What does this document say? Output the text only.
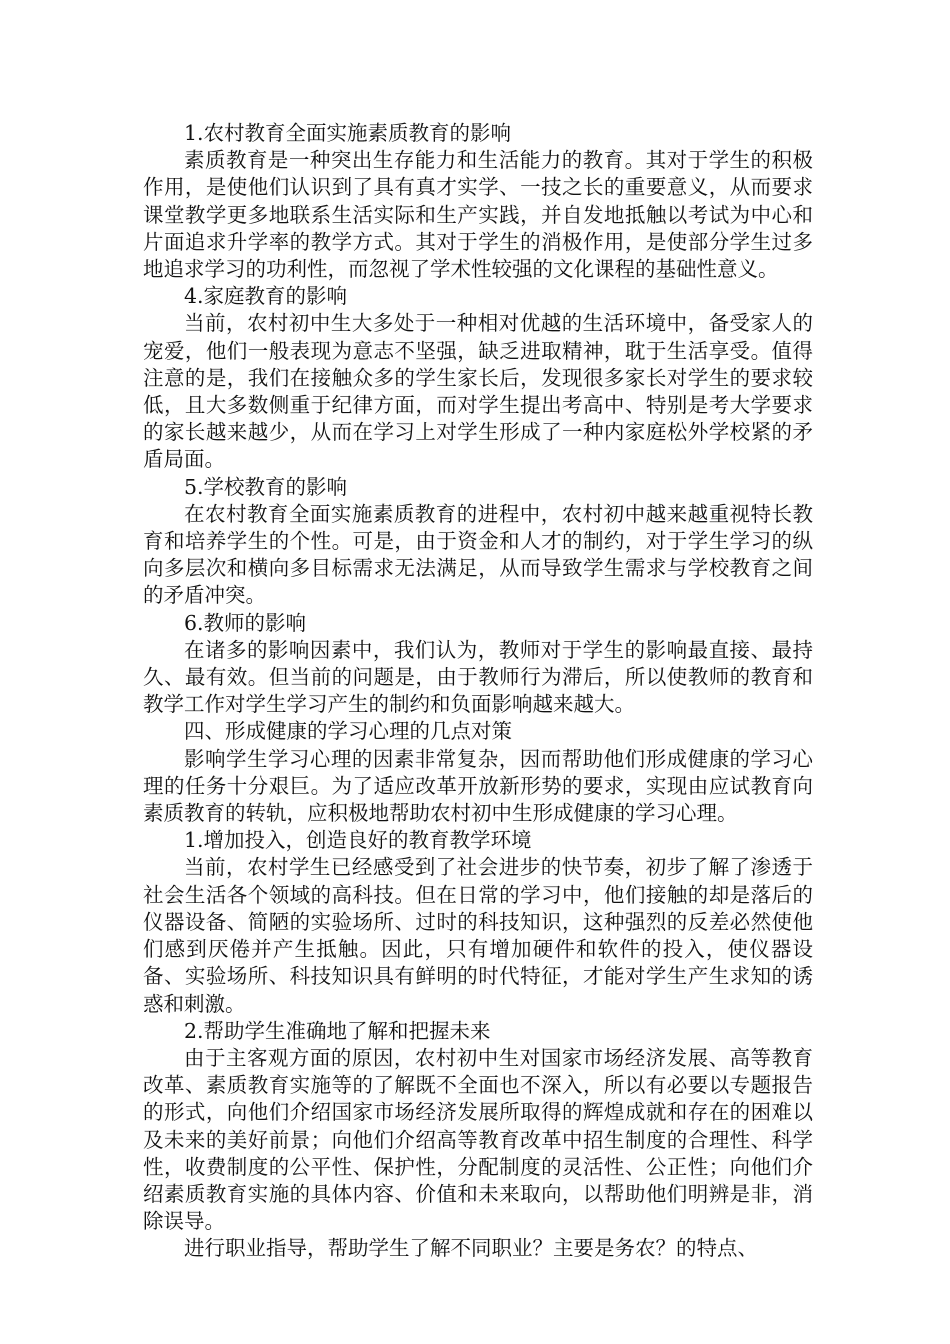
1.农村教育全面实施素质教育的影响

素质教育是一种突出生存能力和生活能力的教育。其对于学生的积极作用，是使他们认识到了具有真才实学、一技之长的重要意义，从而要求课堂教学更多地联系生活实际和生产实践，并自发地抵触以考试为中心和片面追求升学率的教学方式。其对于学生的消极作用，是使部分学生过多地追求学习的功利性，而忽视了学术性较强的文化课程的基础性意义。

4.家庭教育的影响

当前，农村初中生大多处于一种相对优越的生活环境中，备受家人的宠爱，他们一般表现为意志不坚强，缺乏进取精神，耽于生活享受。值得注意的是，我们在接触众多的学生家长后，发现很多家长对学生的要求较低，且大多数侧重于纪律方面，而对学生提出考高中、特别是考大学要求的家长越来越少，从而在学习上对学生形成了一种内家庭松外学校紧的矛盾局面。

5.学校教育的影响

在农村教育全面实施素质教育的进程中，农村初中越来越重视特长教育和培养学生的个性。可是，由于资金和人才的制约，对于学生学习的纵向多层次和横向多目标需求无法满足，从而导致学生需求与学校教育之间的矛盾冲突。

6.教师的影响

在诸多的影响因素中，我们认为，教师对于学生的影响最直接、最持久、最有效。但当前的问题是，由于教师行为滞后，所以使教师的教育和教学工作对学生学习产生的制约和负面影响越来越大。

四、形成健康的学习心理的几点对策

影响学生学习心理的因素非常复杂，因而帮助他们形成健康的学习心理的任务十分艰巨。为了适应改革开放新形势的要求，实现由应试教育向素质教育的转轨，应积极地帮助农村初中生形成健康的学习心理。

1.增加投入，创造良好的教育教学环境

当前，农村学生已经感受到了社会进步的快节奏，初步了解了渗透于社会生活各个领域的高科技。但在日常的学习中，他们接触的却是落后的仪器设备、简陋的实验场所、过时的科技知识，这种强烈的反差必然使他们感到厌倦并产生抵触。因此，只有增加硬件和软件的投入，使仪器设备、实验场所、科技知识具有鲜明的时代特征，才能对学生产生求知的诱惑和刺激。

2.帮助学生准确地了解和把握未来

由于主客观方面的原因，农村初中生对国家市场经济发展、高等教育改革、素质教育实施等的了解既不全面也不深入，所以有必要以专题报告的形式，向他们介绍国家市场经济发展所取得的辉煌成就和存在的困难以及未来的美好前景；向他们介绍高等教育改革中招生制度的合理性、科学性，收费制度的公平性、保护性，分配制度的灵活性、公正性；向他们介绍素质教育实施的具体内容、价值和未来取向，以帮助他们明辨是非，消除误导。

进行职业指导，帮助学生了解不同职业？主要是务农？的特点、
